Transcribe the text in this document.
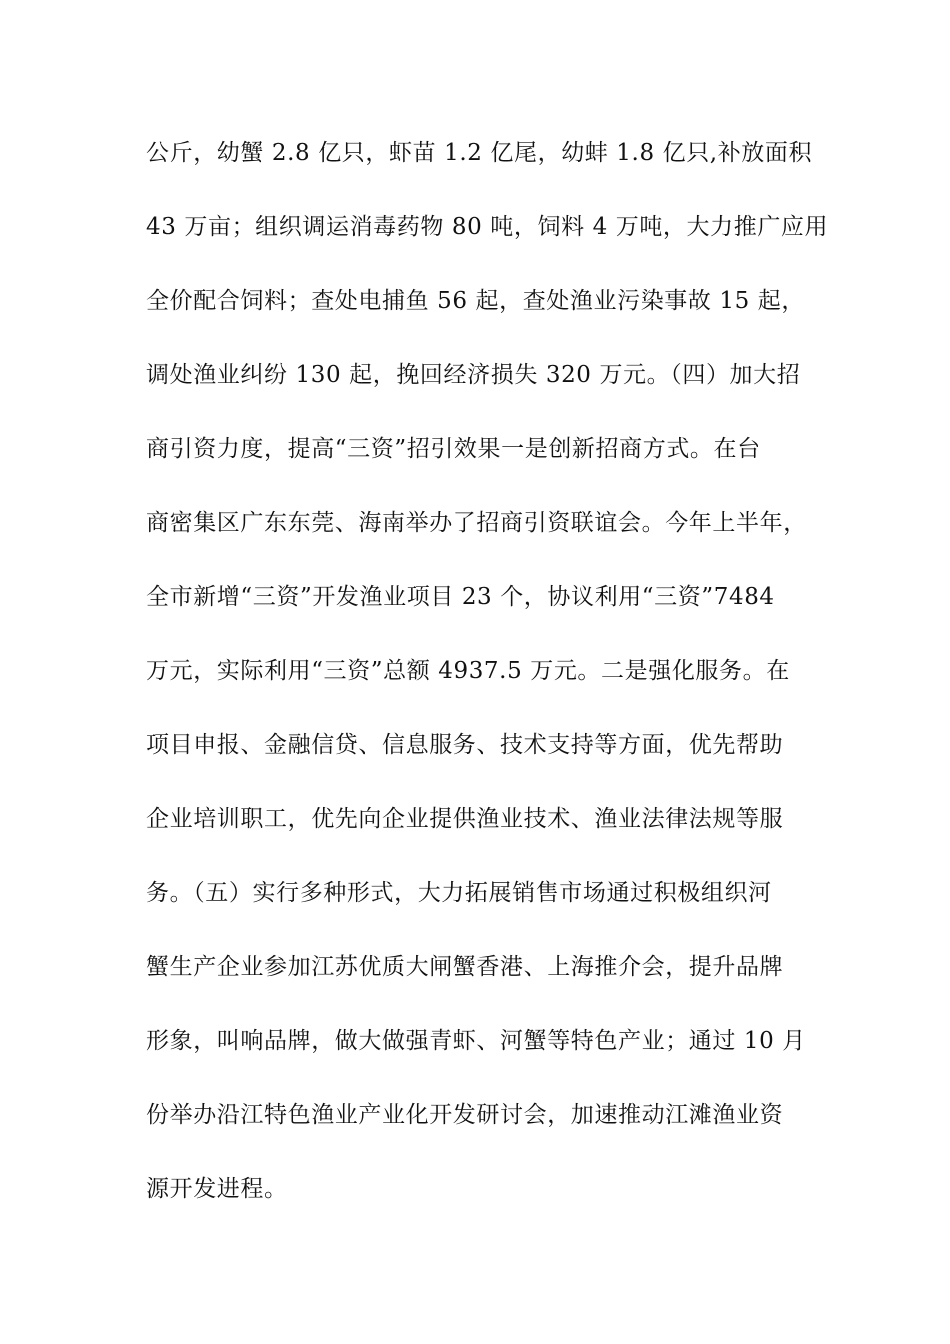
公斤，幼蟹 2.8 亿只，虾苗 1.2 亿尾，幼蚌 1.8 亿只,补放面积
43 万亩；组织调运消毒药物 80 吨，饲料 4 万吨，大力推广应用
全价配合饲料；查处电捕鱼 56 起，查处渔业污染事故 15 起，
调处渔业纠纷 130 起，挽回经济损失 320 万元。（四）加大招
商引资力度，提高“三资”招引效果一是创新招商方式。在台
商密集区广东东莞、海南举办了招商引资联谊会。今年上半年，
全市新增“三资”开发渔业项目 23 个，协议利用“三资”7484
万元，实际利用“三资”总额 4937.5 万元。二是强化服务。在
项目申报、金融信贷、信息服务、技术支持等方面，优先帮助
企业培训职工，优先向企业提供渔业技术、渔业法律法规等服
务。（五）实行多种形式，大力拓展销售市场通过积极组织河
蟹生产企业参加江苏优质大闸蟹香港、上海推介会，提升品牌
形象，叫响品牌，做大做强青虾、河蟹等特色产业；通过 10 月
份举办沿江特色渔业产业化开发研讨会，加速推动江滩渔业资
源开发进程。
